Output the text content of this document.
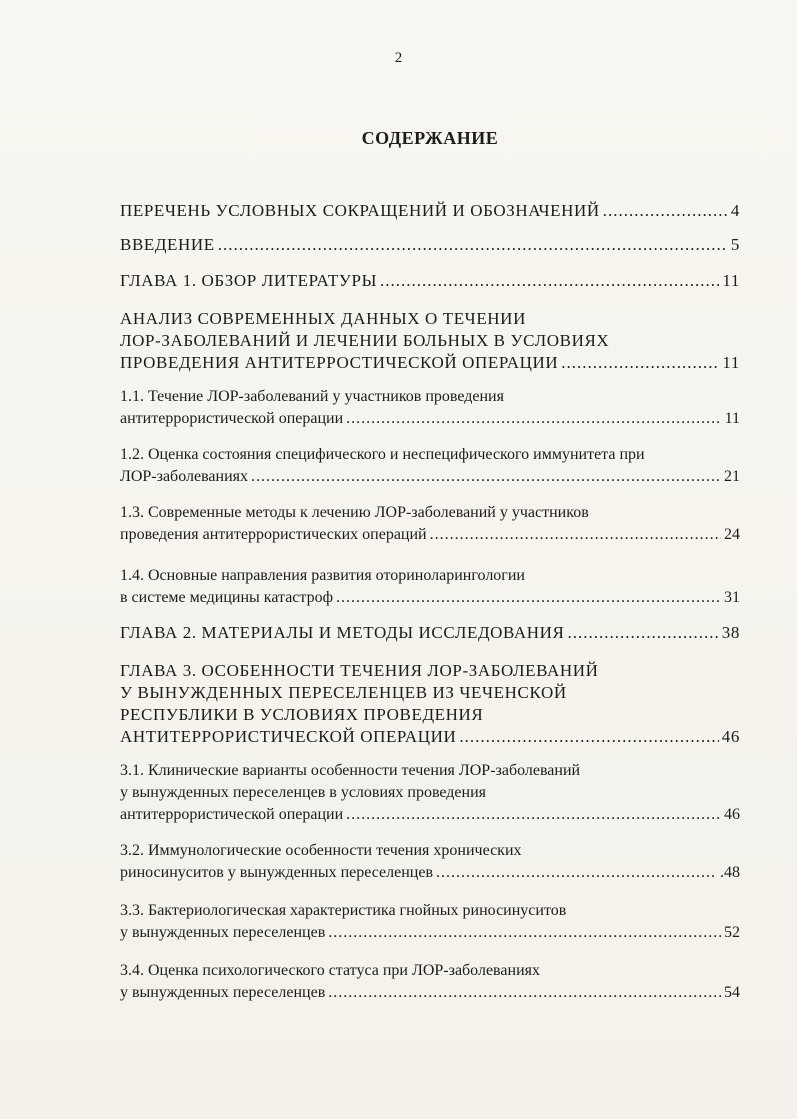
2
СОДЕРЖАНИЕ
ПЕРЕЧЕНЬ УСЛОВНЫХ СОКРАЩЕНИЙ И ОБОЗНАЧЕНИЙ .....	4
ВВЕДЕНИЕ .....	5
ГЛАВА 1. ОБЗОР ЛИТЕРАТУРЫ .....	11
АНАЛИЗ СОВРЕМЕННЫХ ДАННЫХ О ТЕЧЕНИИ
ЛОР-ЗАБОЛЕВАНИЙ И ЛЕЧЕНИИ БОЛЬНЫХ В УСЛОВИЯХ
ПРОВЕДЕНИЯ АНТИТЕРРОСТИЧЕСКОЙ ОПЕРАЦИИ .....	11
1.1. Течение ЛОР-заболеваний у участников проведения
антитеррористической операции .....	11
1.2. Оценка состояния специфического и неспецифического иммунитета при
ЛОР-заболеваниях .....	21
1.3. Современные методы к лечению ЛОР-заболеваний у участников
проведения антитеррористических операций .....	24
1.4. Основные направления развития оториноларингологии
в системе медицины катастроф .....	31
ГЛАВА 2. МАТЕРИАЛЫ И МЕТОДЫ ИССЛЕДОВАНИЯ .....	38
ГЛАВА 3. ОСОБЕННОСТИ ТЕЧЕНИЯ ЛОР-ЗАБОЛЕВАНИЙ
У ВЫНУЖДЕННЫХ ПЕРЕСЕЛЕНЦЕВ ИЗ ЧЕЧЕНСКОЙ
РЕСПУБЛИКИ В УСЛОВИЯХ ПРОВЕДЕНИЯ
АНТИТЕРРОРИСТИЧЕСКОЙ ОПЕРАЦИИ .....	46
3.1. Клинические варианты особенности течения ЛОР-заболеваний
у вынужденных переселенцев в условиях проведения
антитеррористической операции .....	46
3.2. Иммунологические особенности течения хронических
риносинуситов у вынужденных переселенцев .....	.48
3.3. Бактериологическая характеристика гнойных риносинуситов
у вынужденных переселенцев .....	52
3.4. Оценка психологического статуса при ЛОР-заболеваниях
у вынужденных переселенцев .....	54
